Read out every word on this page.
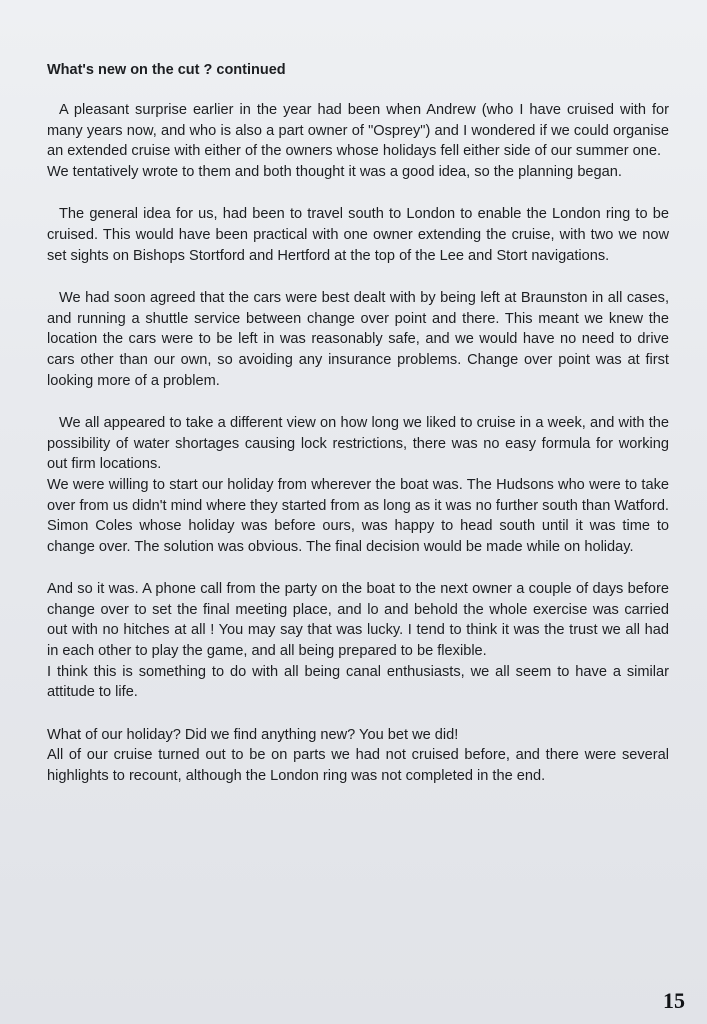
What's new on the cut ? continued
A pleasant surprise earlier in the year had been when Andrew (who I have cruised with for many years now, and who is also a part owner of "Osprey") and I wondered if we could organise an extended cruise with either of the owners whose holidays fell either side of our summer one.
We tentatively wrote to them and both thought it was a good idea, so the planning began.
The general idea for us, had been to travel south to London to enable the London ring to be cruised. This would have been practical with one owner extending the cruise, with two we now set sights on Bishops Stortford and Hertford at the top of the Lee and Stort navigations.
We had soon agreed that the cars were best dealt with by being left at Braunston in all cases, and running a shuttle service between change over point and there. This meant we knew the location the cars were to be left in was reasonably safe, and we would have no need to drive cars other than our own, so avoiding any insurance problems. Change over point was at first looking more of a problem.
We all appeared to take a different view on how long we liked to cruise in a week, and with the possibility of water shortages causing lock restrictions, there was no easy formula for working out firm locations.
We were willing to start our holiday from wherever the boat was. The Hudsons who were to take over from us didn't mind where they started from as long as it was no further south than Watford. Simon Coles whose holiday was before ours, was happy to head south until it was time to change over. The solution was obvious. The final decision would be made while on holiday.
And so it was. A phone call from the party on the boat to the next owner a couple of days before change over to set the final meeting place, and lo and behold the whole exercise was carried out with no hitches at all ! You may say that was lucky. I tend to think it was the trust we all had in each other to play the game, and all being prepared to be flexible.
I think this is something to do with all being canal enthusiasts, we all seem to have a similar attitude to life.
What of our holiday? Did we find anything new? You bet we did!
All of our cruise turned out to be on parts we had not cruised before, and there were several highlights to recount, although the London ring was not completed in the end.
15
